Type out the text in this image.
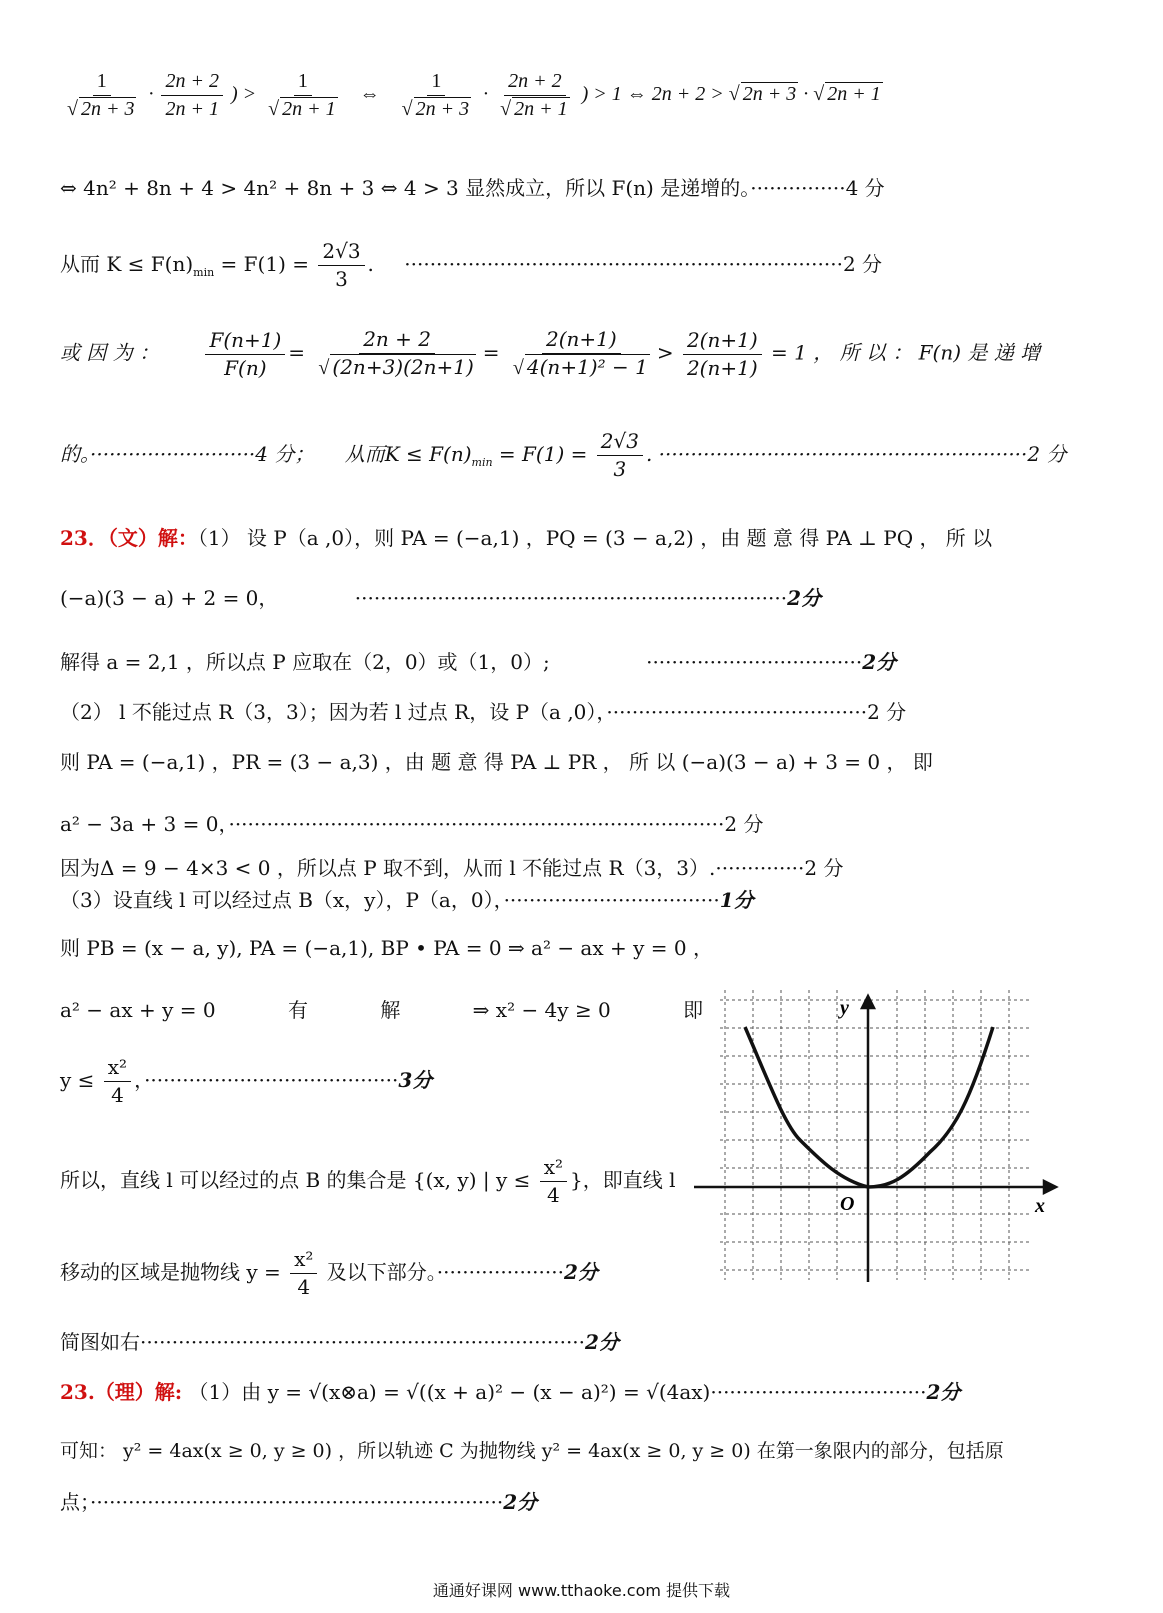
1
√ $2n + 3 \cdot \frac{2n + 2}{2n + 1}$ ) > 1
√ 2n + 1 ⇔ 1
√ 2n + 3 · 2n + 2
√ 2n + 1 ) > 1 ⇔ 2n + 2 > √ 2n + 3 · √ 2n + 1
⇔ 4n² + 8n + 4 > 4n² + 8n + 3 ⇔ 4 > 3 显然成立，所以 F(n) 是递增的。···············4 分
从而 $K \le F(n)_{min} = F(1) = \frac{2√3}{3}$ . ·····································································2 分
或 因 为 ： $\frac{F(n+1)}{F(n)} = 2n + 2$
√ (2n+3)(2n+1) = 2(n+1)
√ $4(n+1)^2 - 1 > \frac{2(n+1)}{2(n+1)} = 1$ ， 所 以 ： F(n) 是 递 增
的。··························4 分； 从而$K \le F(n)_{min} = F(1) = \frac{2√3}{3}$ . ··························································2 分
23．（文）解：（1） 设 P（a ,0），则 PA = (−a,1) ，PQ = (3 − a,2) ，由 题 意 得 PA ⊥ PQ ， 所 以
(−a)(3 − a) + 2 = 0，	····································································2分
解得 a = 2,1 ，所以点 P 应取在（2，0）或（1，0）;	··································2分
（2） l 不能过点 R（3，3）；因为若 l 过点 R，设 P（a ,0），·········································2 分
则 PA = (−a,1) ，PR = (3 − a,3) ，由 题 意 得 PA ⊥ PR ， 所 以 (−a)(3 − a) + 3 = 0 ， 即
a² − 3a + 3 = 0，··············································································2 分
因为Δ = 9 − 4×3 < 0 ，所以点 P 取不到，从而 l 不能过点 R（3，3）.··············2 分
（3）设直线 l 可以经过点 B（x，y），P（a，0），··································1分
则 PB = (x − a, y), PA = (−a,1), BP • PA = 0 ⇒ a² − ax + y = 0 ，
a² − ax + y = 0	有	解	⇒ x² − 4y ≥ 0	即
$y \le \frac{\text{x²}}{4}$ ，········································3分
所以，直线 l 可以经过的点 B 的集合是 {(x, y) | $y \le \frac{\text{x²}}{4}$ }，即直线 l
移动的区域是抛物线 $y = \frac{\text{x²}}{4}$ 及以下部分。····················2分
简图如右······································································2分
y
x
O
23.（理）解: （1）由 y = √(x⊗a) = √((x + a)² − (x − a)²) = √(4ax)··································2分
可知： y² = 4ax(x ≥ 0, y ≥ 0) ，所以轨迹 C 为抛物线 y² = 4ax(x ≥ 0, y ≥ 0) 在第一象限内的部分，包括原
点；·································································2分
通通好课网 www.tthaoke.com 提供下载
